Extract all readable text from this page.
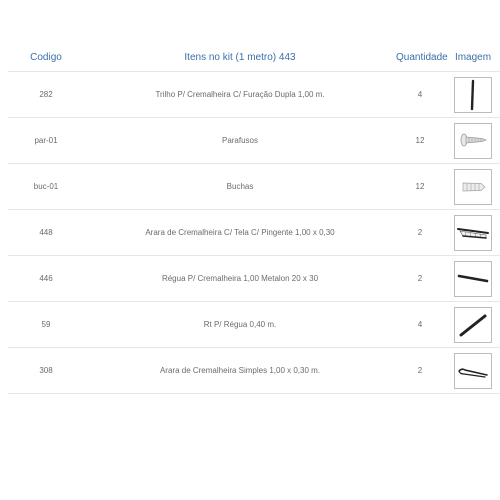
Codigo	Itens no kit (1 metro) 443	Quantidade	Imagem
282	Trilho P/ Cremalheira C/ Furação Dupla 1,00 m.	4	

par-01	Parafusos	12	

buc-01	Buchas	12	

448	Arara de Cremalheira C/ Tela C/ Pingente 1,00 x 0,30	2	

446	Régua P/ Cremalheira 1,00 Metalon 20 x 30	2	

59	Rt P/ Régua 0,40 m.	4	

308	Arara de Cremalheira Simples 1,00 x 0,30 m.	2	
